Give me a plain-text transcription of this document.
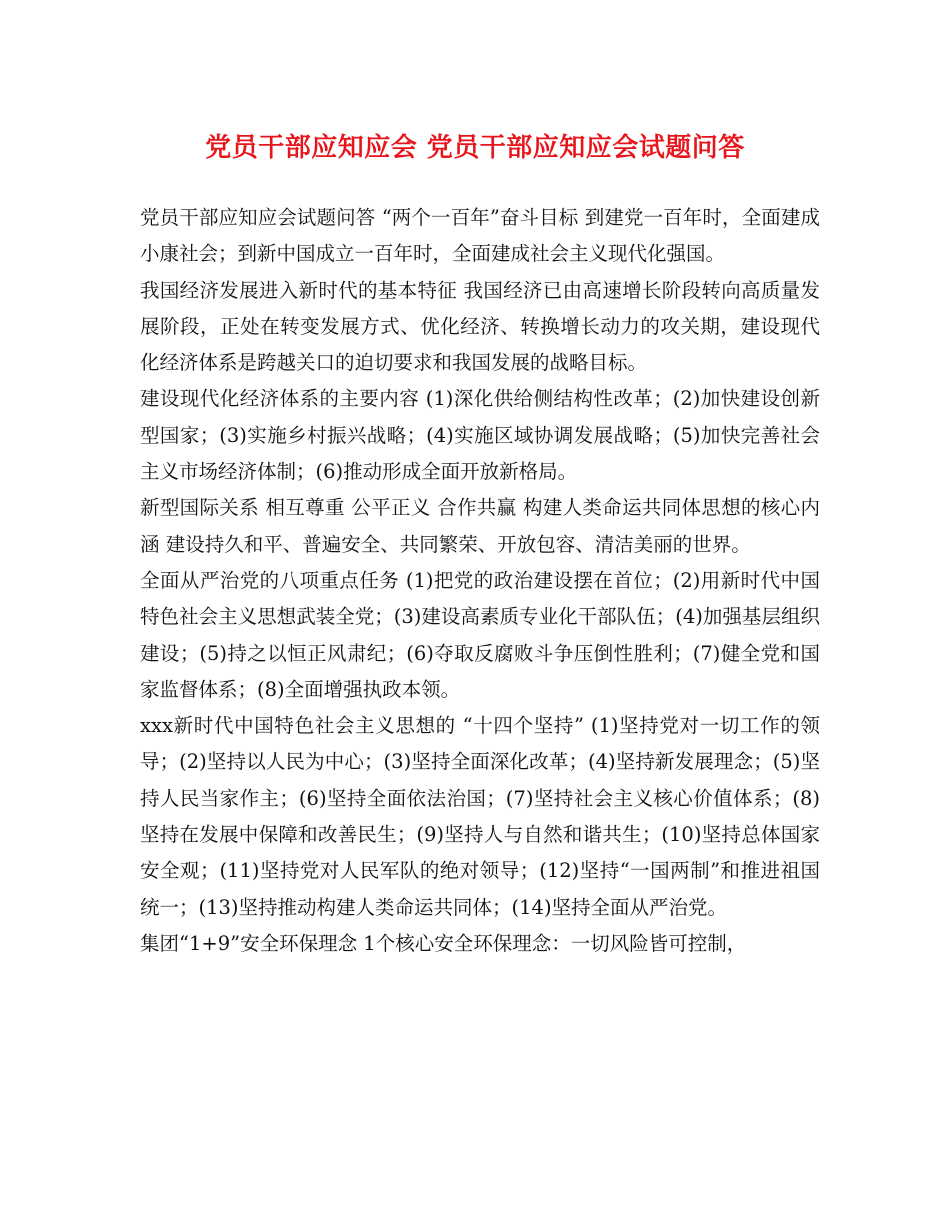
党员干部应知应会 党员干部应知应会试题问答

党员干部应知应会试题问答 “两个一百年”奋斗目标 到建党一百年时，全面建成小康社会；到新中国成立一百年时，全面建成社会主义现代化强国。

我国经济发展进入新时代的基本特征 我国经济已由高速增长阶段转向高质量发展阶段，正处在转变发展方式、优化经济、转换增长动力的攻关期，建设现代化经济体系是跨越关口的迫切要求和我国发展的战略目标。

建设现代化经济体系的主要内容 (1)深化供给侧结构性改革；(2)加快建设创新型国家；(3)实施乡村振兴战略；(4)实施区域协调发展战略；(5)加快完善社会主义市场经济体制；(6)推动形成全面开放新格局。

新型国际关系 相互尊重 公平正义 合作共赢 构建人类命运共同体思想的核心内涵 建设持久和平、普遍安全、共同繁荣、开放包容、清洁美丽的世界。

全面从严治党的八项重点任务 (1)把党的政治建设摆在首位；(2)用新时代中国特色社会主义思想武装全党；(3)建设高素质专业化干部队伍；(4)加强基层组织建设；(5)持之以恒正风肃纪；(6)夺取反腐败斗争压倒性胜利；(7)健全党和国家监督体系；(8)全面增强执政本领。

xxx新时代中国特色社会主义思想的 “十四个坚持” (1)坚持党对一切工作的领导；(2)坚持以人民为中心；(3)坚持全面深化改革；(4)坚持新发展理念；(5)坚持人民当家作主；(6)坚持全面依法治国；(7)坚持社会主义核心价值体系；(8)坚持在发展中保障和改善民生；(9)坚持人与自然和谐共生；(10)坚持总体国家安全观；(11)坚持党对人民军队的绝对领导；(12)坚持“一国两制”和推进祖国统一；(13)坚持推动构建人类命运共同体；(14)坚持全面从严治党。

集团“1+9”安全环保理念 1个核心安全环保理念：一切风险皆可控制，
